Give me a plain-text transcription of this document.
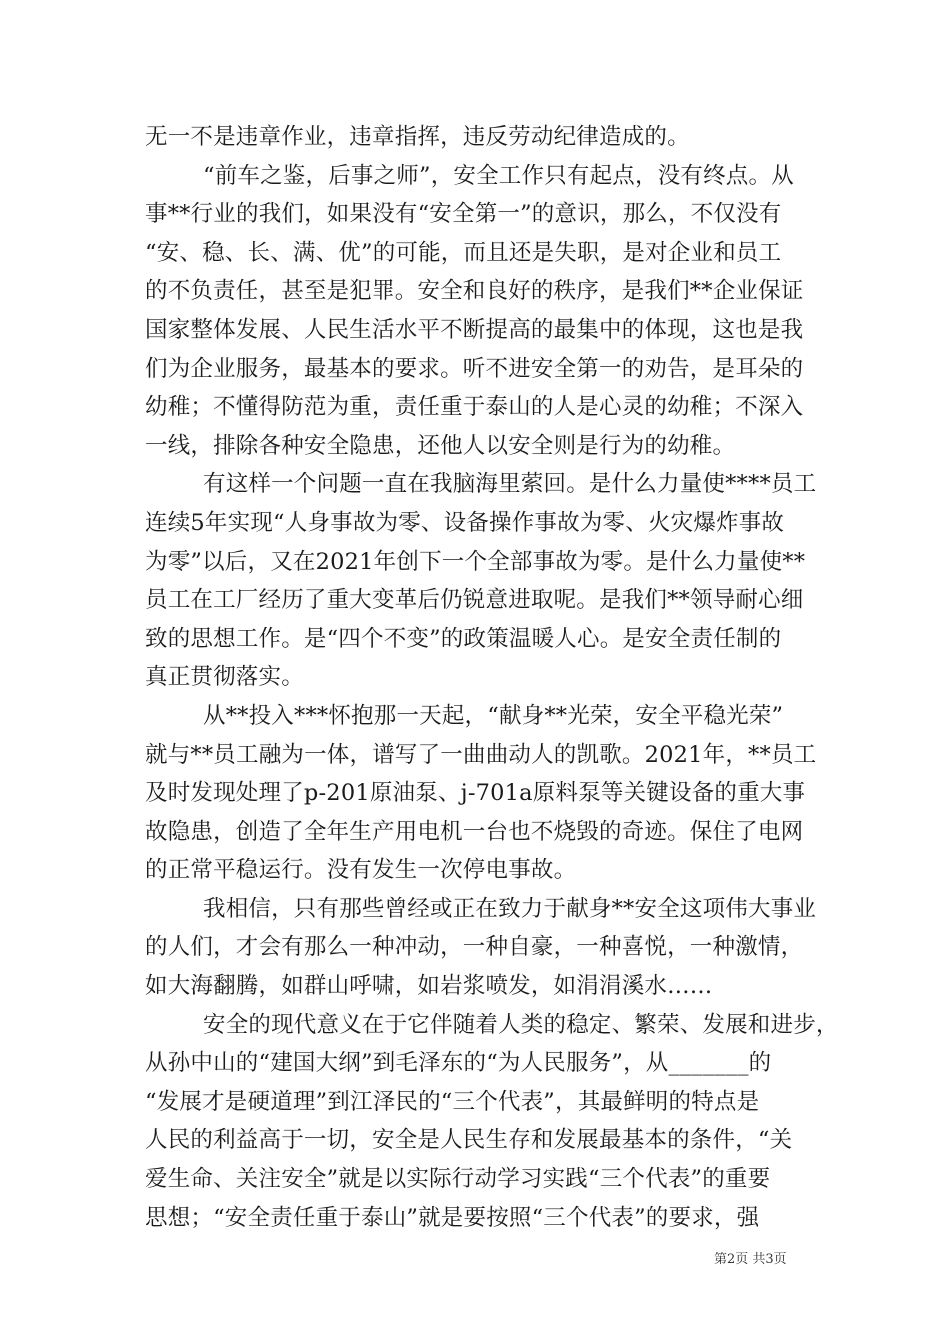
无一不是违章作业，违章指挥，违反劳动纪律造成的。
“前车之鉴，后事之师”，安全工作只有起点，没有终点。从
事**行业的我们，如果没有“安全第一”的意识，那么，不仅没有
“安、稳、长、满、优”的可能，而且还是失职，是对企业和员工
的不负责任，甚至是犯罪。安全和良好的秩序，是我们**企业保证
国家整体发展、人民生活水平不断提高的最集中的体现，这也是我
们为企业服务，最基本的要求。听不进安全第一的劝告，是耳朵的
幼稚；不懂得防范为重，责任重于泰山的人是心灵的幼稚；不深入
一线，排除各种安全隐患，还他人以安全则是行为的幼稚。
有这样一个问题一直在我脑海里萦回。是什么力量使****员工
连续5年实现“人身事故为零、设备操作事故为零、火灾爆炸事故
为零”以后，又在2021年创下一个全部事故为零。是什么力量使**
员工在工厂经历了重大变革后仍锐意进取呢。是我们**领导耐心细
致的思想工作。是“四个不变”的政策温暖人心。是安全责任制的
真正贯彻落实。
从**投入***怀抱那一天起，“献身**光荣，安全平稳光荣”
就与**员工融为一体，谱写了一曲曲动人的凯歌。2021年，**员工
及时发现处理了p-201原油泵、j-701a原料泵等关键设备的重大事
故隐患，创造了全年生产用电机一台也不烧毁的奇迹。保住了电网
的正常平稳运行。没有发生一次停电事故。
我相信，只有那些曾经或正在致力于献身**安全这项伟大事业
的人们，才会有那么一种冲动，一种自豪，一种喜悦，一种激情，
如大海翻腾，如群山呼啸，如岩浆喷发，如涓涓溪水……
安全的现代意义在于它伴随着人类的稳定、繁荣、发展和进步，
从孙中山的“建国大纲”到毛泽东的“为人民服务”，从_______的
“发展才是硬道理”到江泽民的“三个代表”，其最鲜明的特点是
人民的利益高于一切，安全是人民生存和发展最基本的条件，“关
爱生命、关注安全”就是以实际行动学习实践“三个代表”的重要
思想；“安全责任重于泰山”就是要按照“三个代表”的要求，强
第2页 共3页
